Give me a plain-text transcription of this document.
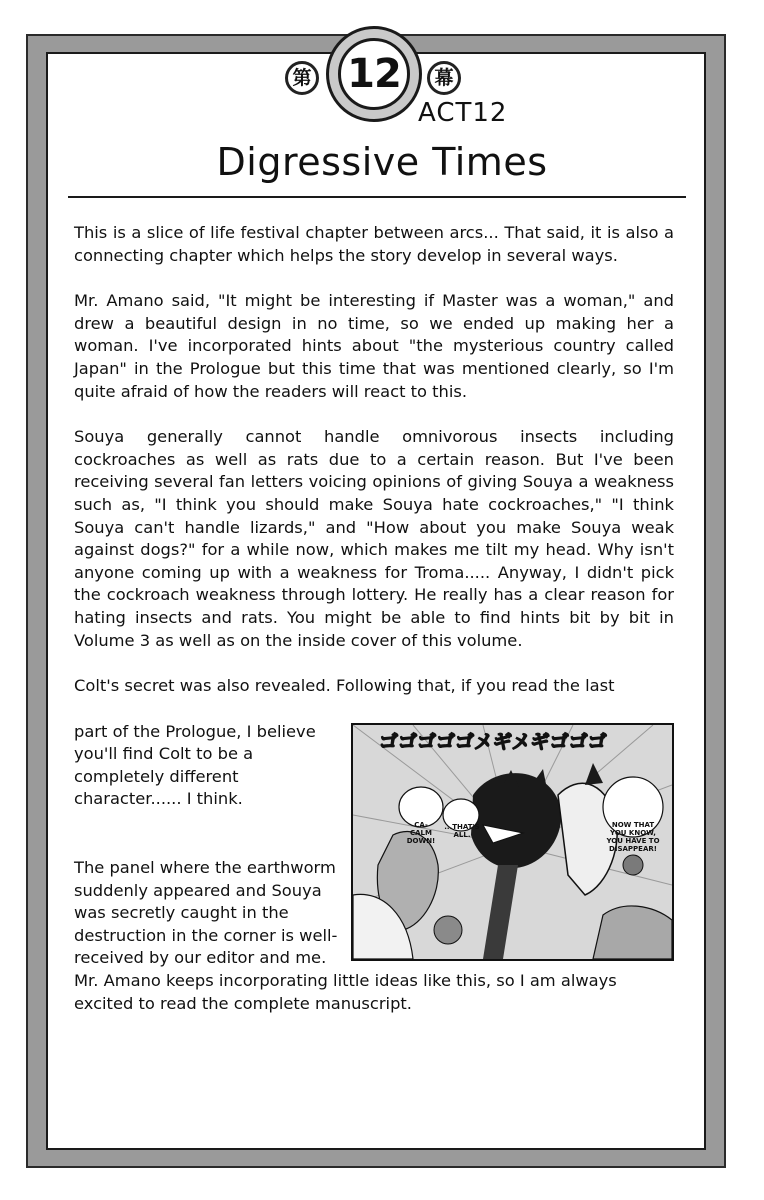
第 12	幕
ACT12
Digressive Times

This is a slice of life festival chapter between arcs... That said, it is also a connecting chapter which helps the story develop in several ways.

Mr. Amano said, "It might be interesting if Master was a woman," and drew a beautiful design in no time, so we ended up making her a woman. I've incorporated hints about "the mysterious country called Japan" in the Prologue but this time that was mentioned clearly, so I'm quite afraid of how the readers will react to this.

Souya generally cannot handle omnivorous insects including cockroaches as well as rats due to a certain reason. But I've been receiving several fan letters voicing opinions of giving Souya a weakness such as, "I think you should make Souya hate cockroaches," "I think Souya can't handle lizards," and "How about you make Souya weak against dogs?" for a while now, which makes me tilt my head. Why isn't anyone coming up with a weakness for Troma..... Anyway, I didn't pick the cockroach weakness through lottery. He really has a clear reason for hating insects and rats. You might be able to find hints bit by bit in Volume 3 as well as on the inside cover of this volume.

Colt's secret was also revealed. Following that, if you read the last

ゴゴゴゴゴメギメギゴゴゴ
CA-
CALM
DOWN!
...THAT'S
ALL.
NOW THAT
YOU KNOW,
YOU HAVE TO
DISAPPEAR!

part of the Prologue, I believe you'll find Colt to be a completely different character...... I think.

The panel where the earthworm suddenly appeared and Souya was secretly caught in the destruction in the corner is well-received by our editor and me. Mr. Amano keeps incorporating little ideas like this, so I am always excited to read the complete manuscript.
